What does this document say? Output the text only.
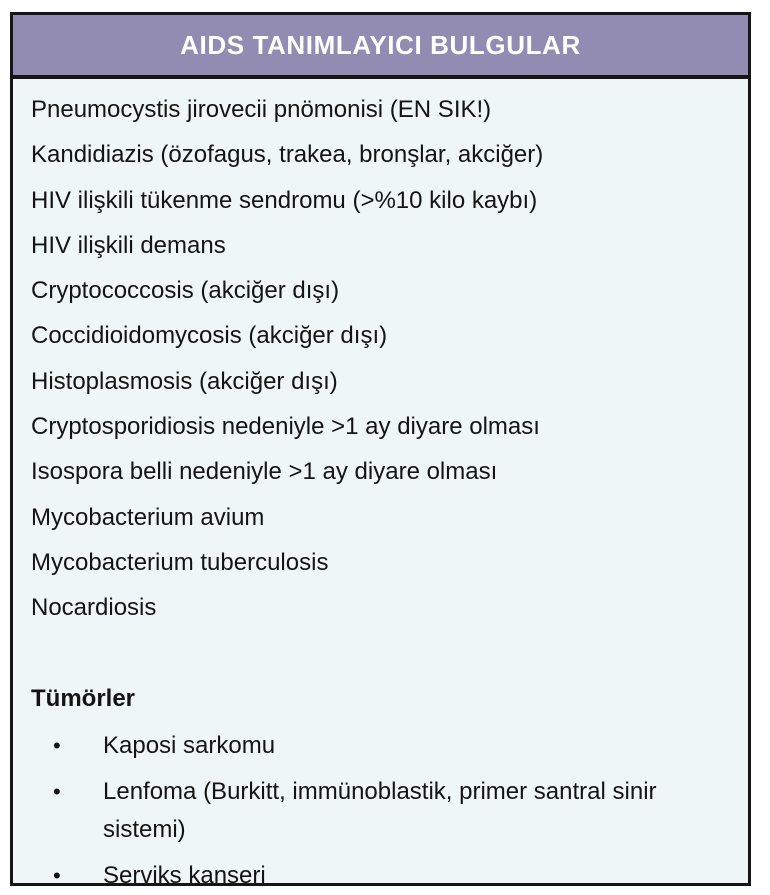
AIDS TANIMLAYICI BULGULAR
Pneumocystis jirovecii pnömonisi (EN SIK!)
Kandidiazis (özofagus, trakea, bronşlar, akciğer)
HIV ilişkili tükenme sendromu (>%10 kilo kaybı)
HIV ilişkili demans
Cryptococcosis (akciğer dışı)
Coccidioidomycosis (akciğer dışı)
Histoplasmosis (akciğer dışı)
Cryptosporidiosis nedeniyle >1 ay diyare olması
Isospora belli nedeniyle >1 ay diyare olması
Mycobacterium avium
Mycobacterium tuberculosis
Nocardiosis
Tümörler
•	Kaposi sarkomu
•	Lenfoma (Burkitt, immünoblastik, primer santral sinir sistemi)
•	Serviks kanseri
